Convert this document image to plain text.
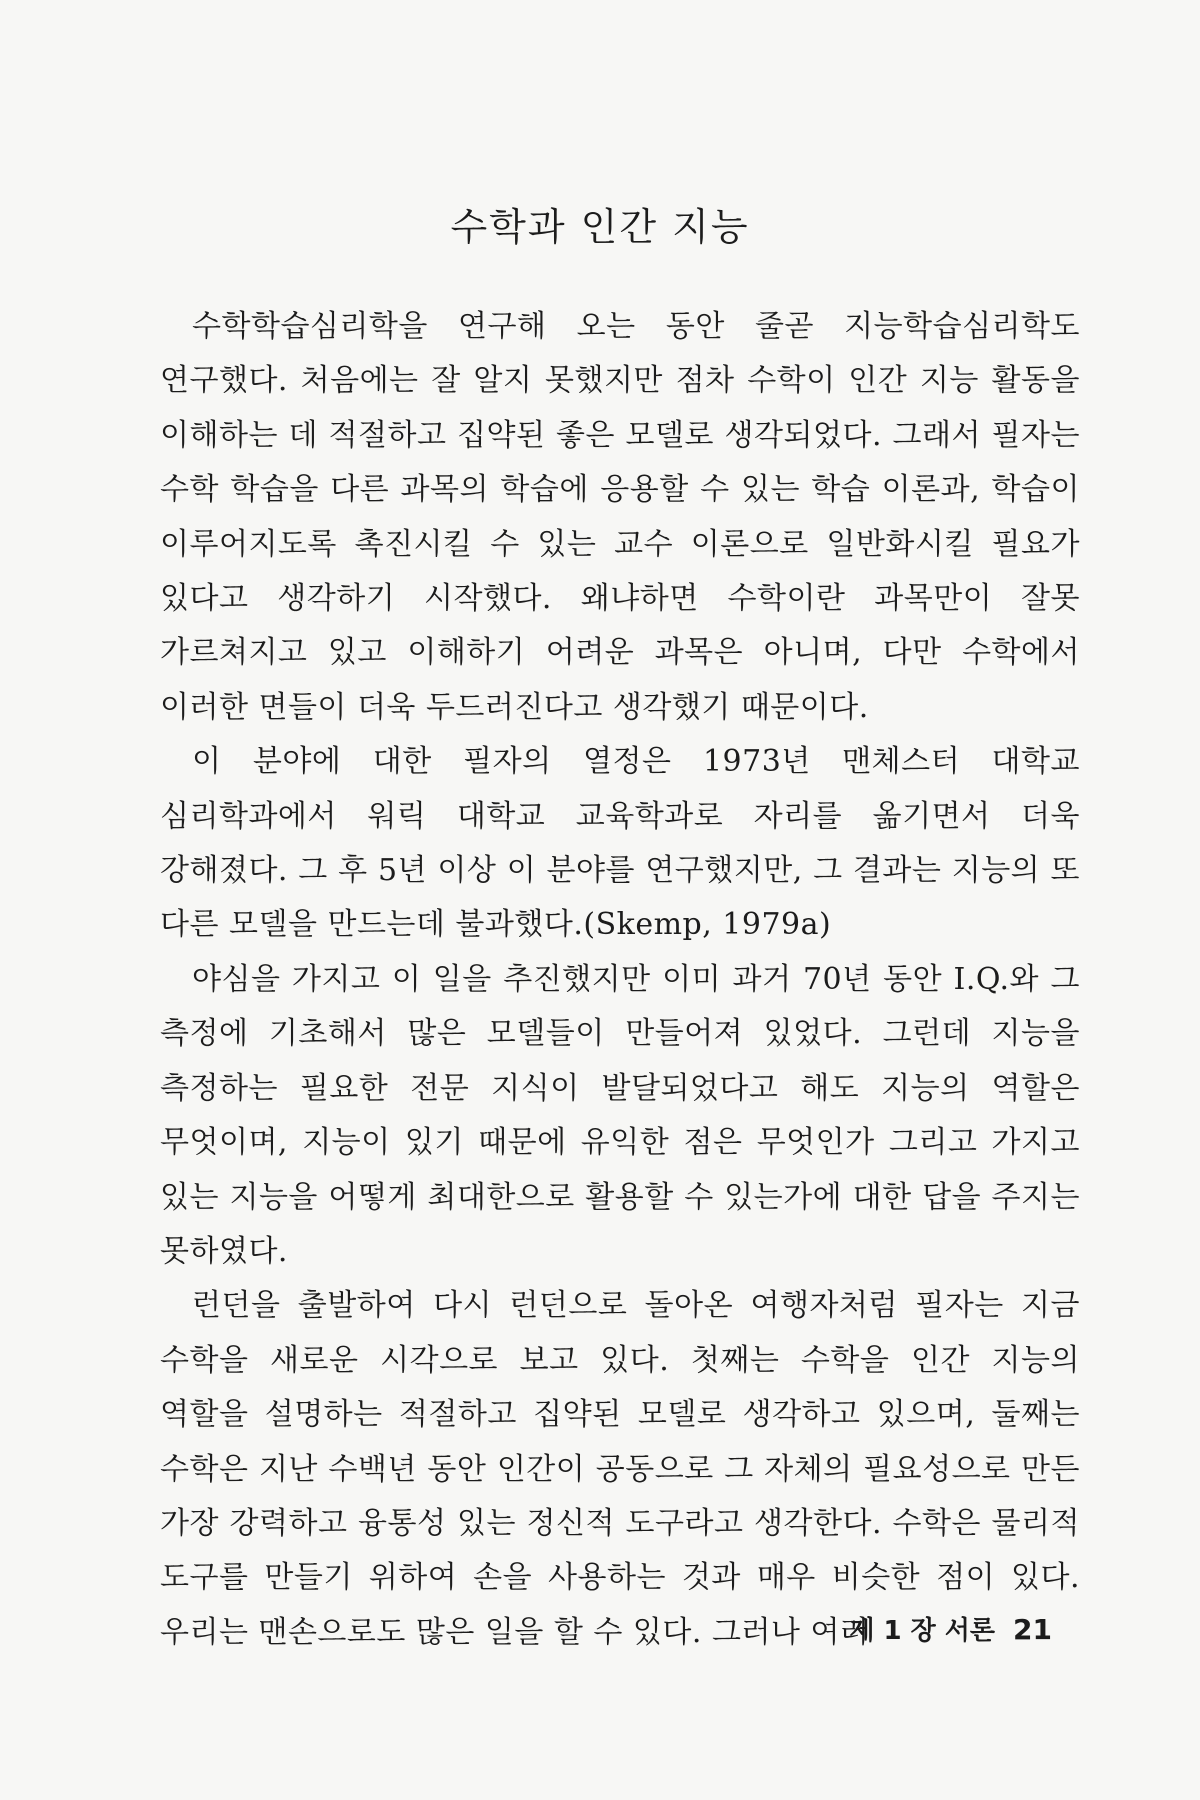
수학과 인간 지능

수학학습심리학을 연구해 오는 동안 줄곧 지능학습심리학도 연구했다. 처음에는 잘 알지 못했지만 점차 수학이 인간 지능 활동을 이해하는 데 적절하고 집약된 좋은 모델로 생각되었다. 그래서 필자는 수학 학습을 다른 과목의 학습에 응용할 수 있는 학습 이론과, 학습이 이루어지도록 촉진시킬 수 있는 교수 이론으로 일반화시킬 필요가 있다고 생각하기 시작했다. 왜냐하면 수학이란 과목만이 잘못 가르쳐지고 있고 이해하기 어려운 과목은 아니며, 다만 수학에서 이러한 면들이 더욱 두드러진다고 생각했기 때문이다.

이 분야에 대한 필자의 열정은 1973년 맨체스터 대학교 심리학과에서 워릭 대학교 교육학과로 자리를 옮기면서 더욱 강해졌다. 그 후 5년 이상 이 분야를 연구했지만, 그 결과는 지능의 또 다른 모델을 만드는데 불과했다.(Skemp, 1979a)

야심을 가지고 이 일을 추진했지만 이미 과거 70년 동안 I.Q.와 그 측정에 기초해서 많은 모델들이 만들어져 있었다. 그런데 지능을 측정하는 필요한 전문 지식이 발달되었다고 해도 지능의 역할은 무엇이며, 지능이 있기 때문에 유익한 점은 무엇인가 그리고 가지고 있는 지능을 어떻게 최대한으로 활용할 수 있는가에 대한 답을 주지는 못하였다.

런던을 출발하여 다시 런던으로 돌아온 여행자처럼 필자는 지금 수학을 새로운 시각으로 보고 있다. 첫째는 수학을 인간 지능의 역할을 설명하는 적절하고 집약된 모델로 생각하고 있으며, 둘째는 수학은 지난 수백년 동안 인간이 공동으로 그 자체의 필요성으로 만든 가장 강력하고 융통성 있는 정신적 도구라고 생각한다. 수학은 물리적 도구를 만들기 위하여 손을 사용하는 것과 매우 비슷한 점이 있다. 우리는 맨손으로도 많은 일을 할 수 있다. 그러나 여러

제 1 장 서론 21
